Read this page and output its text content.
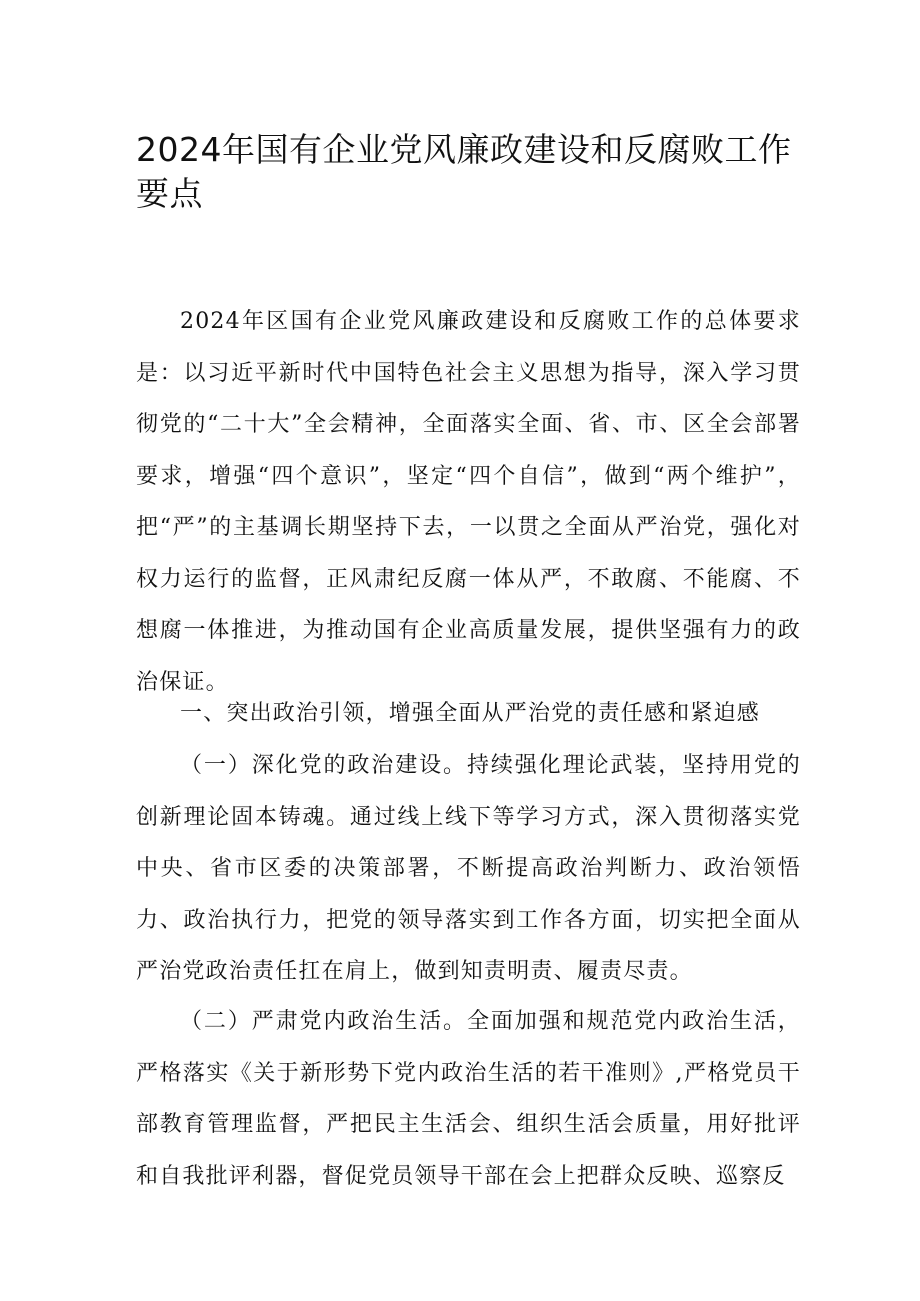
2024年国有企业党风廉政建设和反腐败工作要点

2024年区国有企业党风廉政建设和反腐败工作的总体要求是：以习近平新时代中国特色社会主义思想为指导，深入学习贯彻党的“二十大”全会精神，全面落实全面、省、市、区全会部署要求，增强“四个意识”，坚定“四个自信”，做到“两个维护”，把“严”的主基调长期坚持下去，一以贯之全面从严治党，强化对权力运行的监督，正风肃纪反腐一体从严，不敢腐、不能腐、不想腐一体推进，为推动国有企业高质量发展，提供坚强有力的政治保证。

一、突出政治引领，增强全面从严治党的责任感和紧迫感

（一）深化党的政治建设。持续强化理论武装，坚持用党的创新理论固本铸魂。通过线上线下等学习方式，深入贯彻落实党中央、省市区委的决策部署，不断提高政治判断力、政治领悟力、政治执行力，把党的领导落实到工作各方面，切实把全面从严治党政治责任扛在肩上，做到知责明责、履责尽责。

（二）严肃党内政治生活。全面加强和规范党内政治生活，严格落实《关于新形势下党内政治生活的若干准则》,严格党员干部教育管理监督，严把民主生活会、组织生活会质量，用好批评和自我批评利器，督促党员领导干部在会上把群众反映、巡察反
